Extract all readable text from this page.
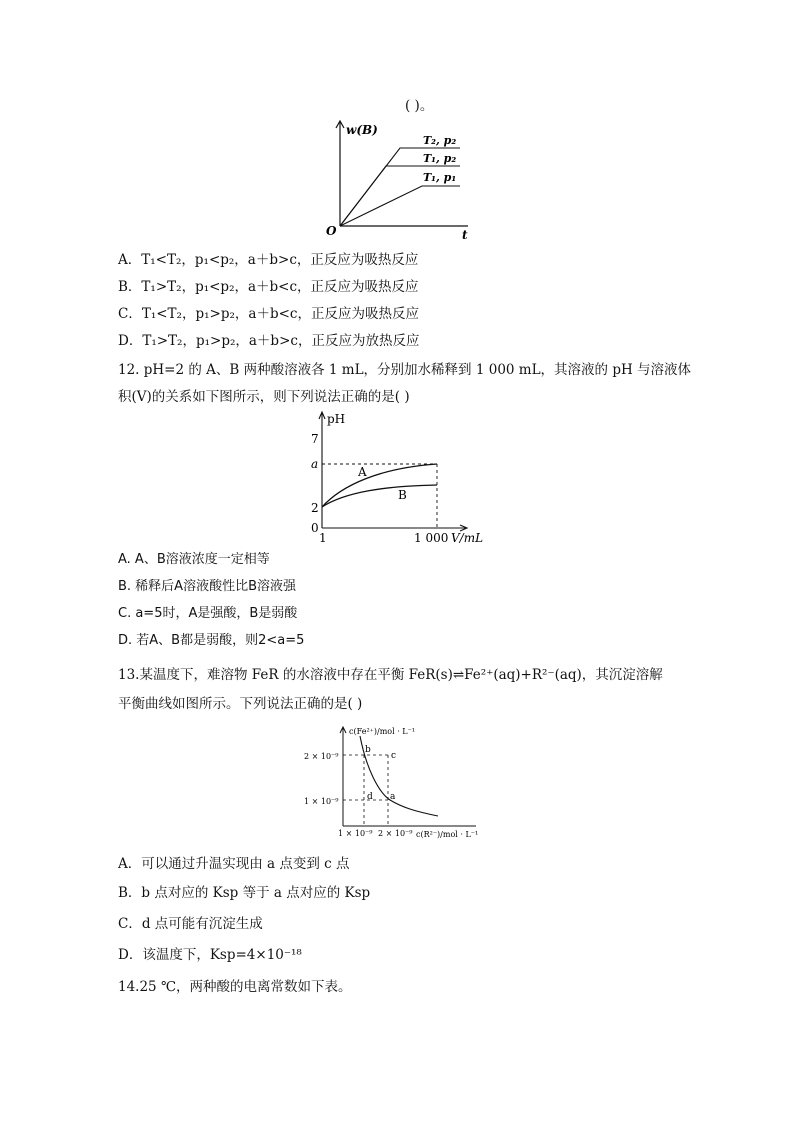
( )。
w(B)
t
O
T₂, p₂
T₁, p₂
T₁, p₁
A．T₁<T₂，p₁<p₂，a＋b>c，正反应为吸热反应
B．T₁>T₂，p₁<p₂，a＋b<c，正反应为吸热反应
C．T₁<T₂，p₁>p₂，a＋b<c，正反应为吸热反应
D．T₁>T₂，p₁>p₂，a＋b>c，正反应为放热反应
12. pH=2 的 A、B 两种酸溶液各 1 mL，分别加水稀释到 1 000 mL，其溶液的 pH 与溶液体
积(V)的关系如下图所示，则下列说法正确的是( )
pH
7
a
2
0
1	1 000 V/mL
A
B
A. A、B溶液浓度一定相等
B. 稀释后A溶液酸性比B溶液强
C. a=5时，A是强酸，B是弱酸
D. 若A、B都是弱酸，则2<a=5
13.某温度下，难溶物 FeR 的水溶液中存在平衡 FeR(s)⇌Fe²⁺(aq)+R²⁻(aq)，其沉淀溶解
平衡曲线如图所示。下列说法正确的是( )
c(Fe²⁺)/mol · L⁻¹
c(R²⁻)/mol · L⁻¹
2 × 10⁻⁹
1 × 10⁻⁹
1 × 10⁻⁹ 2 × 10⁻⁹
b
c
d a
A．可以通过升温实现由 a 点变到 c 点
B．b 点对应的 Ksp 等于 a 点对应的 Ksp
C．d 点可能有沉淀生成
D．该温度下，Ksp=4×10⁻¹⁸
14.25 ℃，两种酸的电离常数如下表。
